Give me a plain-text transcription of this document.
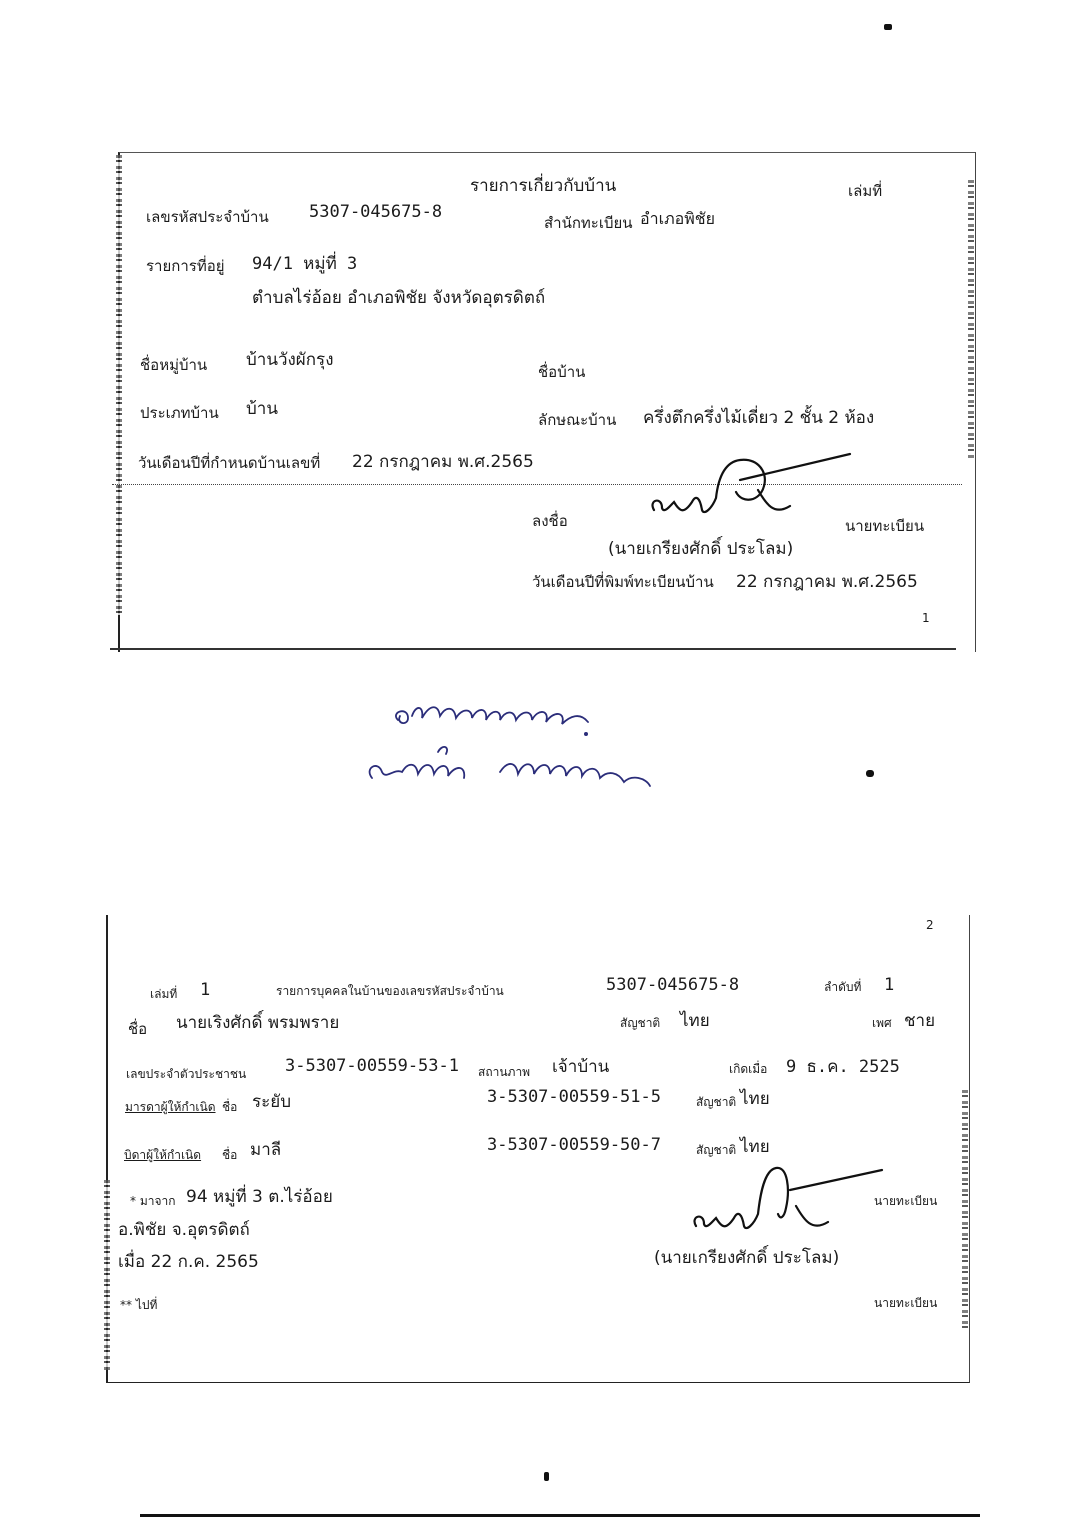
รายการเกี่ยวกับบ้าน	เล่มที่
เลขรหัสประจำบ้าน 5307-045675-8
สำนักทะเบียน อำเภอพิชัย
รายการที่อยู่ 94/1 หมู่ที่ 3
ตำบลไร่อ้อย อำเภอพิชัย จังหวัดอุตรดิตถ์
ชื่อหมู่บ้าน บ้านวังผักรุง
ชื่อบ้าน
ประเภทบ้าน บ้าน
ลักษณะบ้าน ครึ่งตึกครึ่งไม้เดี่ยว 2 ชั้น 2 ห้อง
วันเดือนปีที่กำหนดบ้านเลขที่ 22 กรกฎาคม พ.ศ.2565
ลงชื่อ	นายทะเบียน
(นายเกรียงศักดิ์ ประโลม)
วันเดือนปีที่พิมพ์ทะเบียนบ้าน 22 กรกฎาคม พ.ศ.2565
1
2
เล่มที่ 1	รายการบุคคลในบ้านของเลขรหัสประจำบ้าน	5307-045675-8	ลำดับที่ 1
ชื่อ นายเริงศักดิ์ พรมพราย	สัญชาติ ไทย	เพศ ชาย
เลขประจำตัวประชาชน 3-5307-00559-53-1 สถานภาพ เจ้าบ้าน	เกิดเมื่อ 9 ธ.ค. 2525
มารดาผู้ให้กำเนิด ชื่อ ระยับ	3-5307-00559-51-5	สัญชาติ ไทย
บิดาผู้ให้กำเนิด ชื่อ มาลี	3-5307-00559-50-7	สัญชาติ ไทย
* มาจาก 94 หมู่ที่ 3 ต.ไร่อ้อย
อ.พิชัย จ.อุตรดิตถ์
เมื่อ 22 ก.ค. 2565
นายทะเบียน
(นายเกรียงศักดิ์ ประโลม)
** ไปที่	นายทะเบียน
